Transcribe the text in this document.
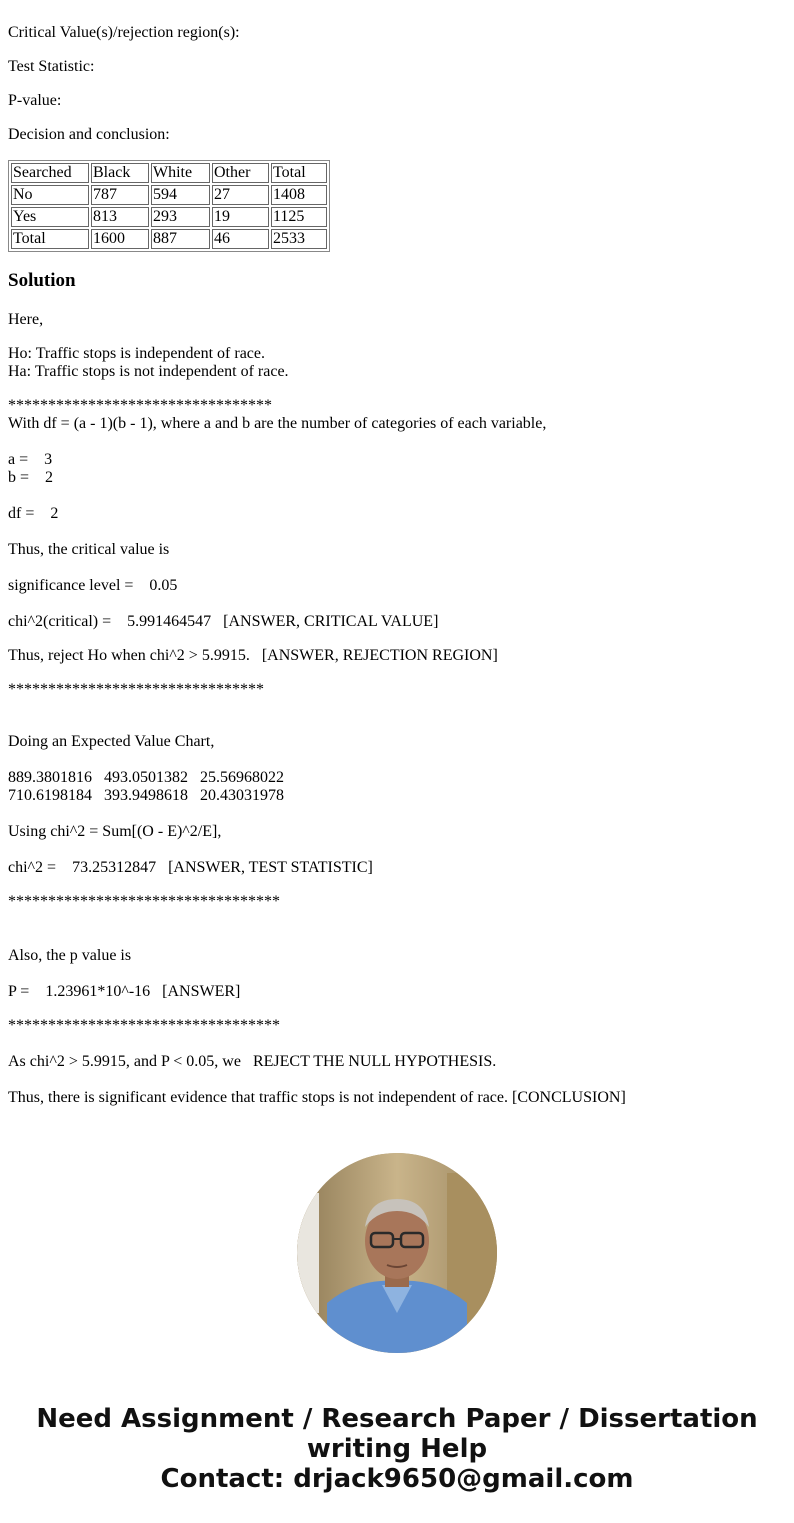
Critical Value(s)/rejection region(s):

Test Statistic:

P-value:

Decision and conclusion:

Searched	Black	White	Other	Total
No	787	594	27	1408
Yes	813	293	19	1125
Total	1600	887	46	2533
Solution

Here,

Ho: Traffic stops is independent of race.

Ha: Traffic stops is not independent of race.

*********************************

With df = (a - 1)(b - 1), where a and b are the number of categories of each variable,

a =    3

b =    2

df =    2

Thus, the critical value is

significance level =    0.05

chi^2(critical) =    5.991464547   [ANSWER, CRITICAL VALUE]

Thus, reject Ho when chi^2 > 5.9915.   [ANSWER, REJECTION REGION]

********************************

Doing an Expected Value Chart,

889.3801816   493.0501382   25.56968022

710.6198184   393.9498618   20.43031978

Using chi^2 = Sum[(O - E)^2/E],

chi^2 =    73.25312847   [ANSWER, TEST STATISTIC]

**********************************

Also, the p value is

P =    1.23961*10^-16   [ANSWER]

**********************************

As chi^2 > 5.9915, and P < 0.05, we   REJECT THE NULL HYPOTHESIS.

Thus, there is significant evidence that traffic stops is not independent of race. [CONCLUSION]

Need Assignment / Research Paper / Dissertation
writing Help
Contact: drjack9650@gmail.com
